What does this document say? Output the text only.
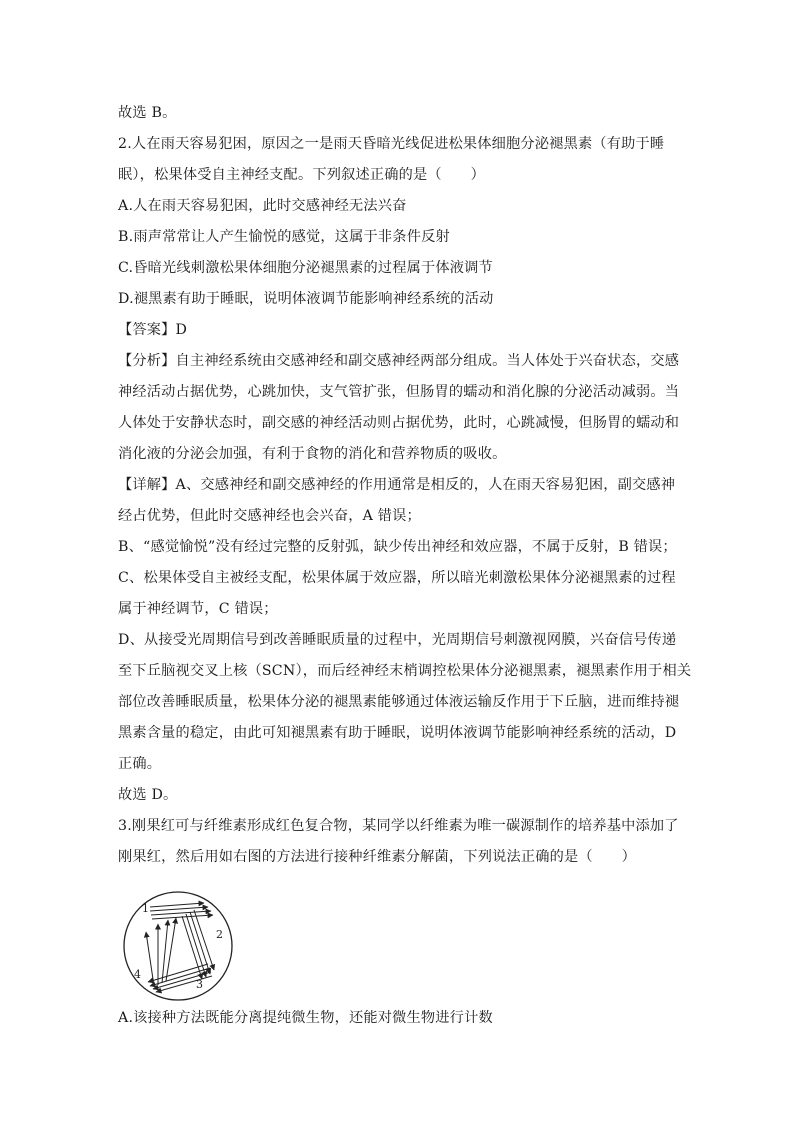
故选 B。
2.人在雨天容易犯困，原因之一是雨天昏暗光线促进松果体细胞分泌褪黑素（有助于睡
眠），松果体受自主神经支配。下列叙述正确的是（　　）
A.人在雨天容易犯困，此时交感神经无法兴奋
B.雨声常常让人产生愉悦的感觉，这属于非条件反射
C.昏暗光线刺激松果体细胞分泌褪黑素的过程属于体液调节
D.褪黑素有助于睡眠，说明体液调节能影响神经系统的活动
【答案】D
【分析】自主神经系统由交感神经和副交感神经两部分组成。当人体处于兴奋状态，交感
神经活动占据优势，心跳加快，支气管扩张，但肠胃的蠕动和消化腺的分泌活动减弱。当
人体处于安静状态时，副交感的神经活动则占据优势，此时，心跳减慢，但肠胃的蠕动和
消化液的分泌会加强，有利于食物的消化和营养物质的吸收。
【详解】A、交感神经和副交感神经的作用通常是相反的，人在雨天容易犯困，副交感神
经占优势，但此时交感神经也会兴奋，A 错误；
B、“感觉愉悦”没有经过完整的反射弧，缺少传出神经和效应器，不属于反射，B 错误；
C、松果体受自主被经支配，松果体属于效应器，所以暗光刺激松果体分泌褪黑素的过程
属于神经调节，C 错误；
D、从接受光周期信号到改善睡眠质量的过程中，光周期信号刺激视网膜，兴奋信号传递
至下丘脑视交叉上核（SCN），而后经神经末梢调控松果体分泌褪黑素，褪黑素作用于相关
部位改善睡眠质量，松果体分泌的褪黑素能够通过体液运输反作用于下丘脑，进而维持褪
黑素含量的稳定，由此可知褪黑素有助于睡眠，说明体液调节能影响神经系统的活动，D
正确。
故选 D。
3.刚果红可与纤维素形成红色复合物，某同学以纤维素为唯一碳源制作的培养基中添加了
刚果红，然后用如右图的方法进行接种纤维素分解菌，下列说法正确的是（　　）
A.该接种方法既能分离提纯微生物，还能对微生物进行计数
1
2
3
4
